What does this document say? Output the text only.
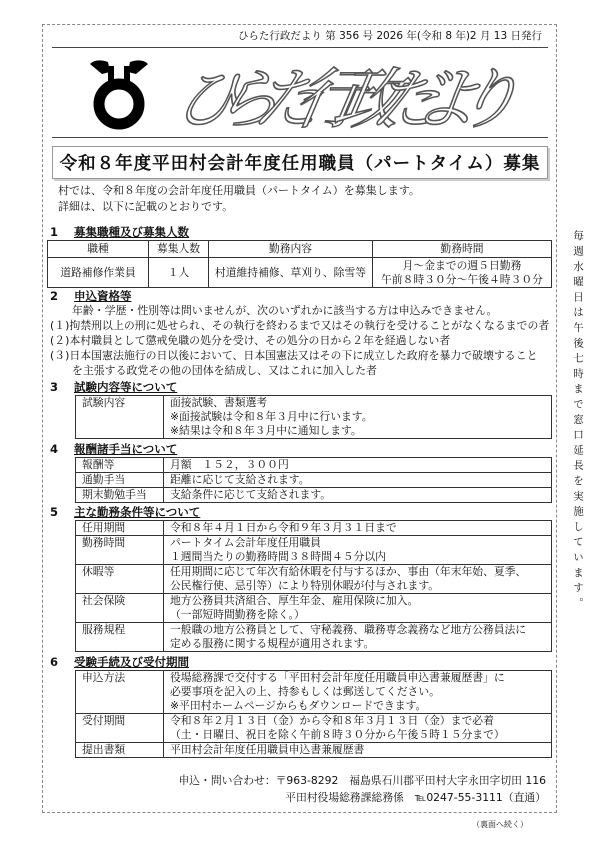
ひらた行政だより 第 356 号 2026 年(令和 8 年)2 月 13 日発行
ひらた行政だより
令和８年度平田村会計年度任用職員（パートタイム）募集
村では、令和８年度の会計年度任用職員（パートタイム）を募集します。
詳細は、以下に記載のとおりです。
1 募集職種及び募集人数
職種	募集人数	勤務内容	勤務時間
道路補修作業員	１人	村道維持補修、草刈り、除雪等	月～金までの週５日勤務
午前８時３０分～午後４時３０分
2 申込資格等
年齢・学歴・性別等は問いませんが、次のいずれかに該当する方は申込みできません。
(１)拘禁刑以上の刑に処せられ、その執行を終わるまで又はその執行を受けることがなくなるまでの者
(２)本村職員として懲戒免職の処分を受け、その処分の日から２年を経過しない者
(３)日本国憲法施行の日以後において、日本国憲法又はその下に成立した政府を暴力で破壊すること
を主張する政党その他の団体を結成し、又はこれに加入した者
3 試験内容等について
試験内容	面接試験、書類選考
※面接試験は令和８年３月中に行います。
※結果は令和８年３月中に通知します。
4 報酬諸手当について
報酬等	月額　１５２，３００円
通勤手当	距離に応じて支給されます。
期末勤勉手当	支給条件に応じて支給されます。
5 主な勤務条件等について
任用期間	令和８年４月１日から令和９年３月３１日まで
勤務時間	パートタイム会計年度任用職員
１週間当たりの勤務時間３８時間４５分以内

休暇等	任用期間に応じて年次有給休暇を付与するほか、事由（年末年始、夏季、
公民権行使、忌引等）により特別休暇が付与されます。

社会保険	地方公務員共済組合、厚生年金、雇用保険に加入。
（一部短時間勤務を除く。）

服務規程	一般職の地方公務員として、守秘義務、職務専念義務など地方公務員法に
定める服務に関する規程が適用されます。
6 受験手続及び受付期間
申込方法	役場総務課で交付する「平田村会計年度任用職員申込書兼履歴書」に
必要事項を記入の上、持参もしくは郵送してください。
※平田村ホームページからもダウンロードできます。

受付期間	令和８年２月１３日（金）から令和８年３月１３日（金）まで必着
（土・日曜日、祝日を除く午前８時３０分から午後５時１５分まで）

提出書類	平田村会計年度任用職員申込書兼履歴書
申込・問い合わせ：〒963-8292　福島県石川郡平田村大字永田字切田 116
平田村役場総務課総務係　℡0247-55-3111（直通）
毎週水曜日は午後七時まで窓口延長を実施しています。
（裏面へ続く）
